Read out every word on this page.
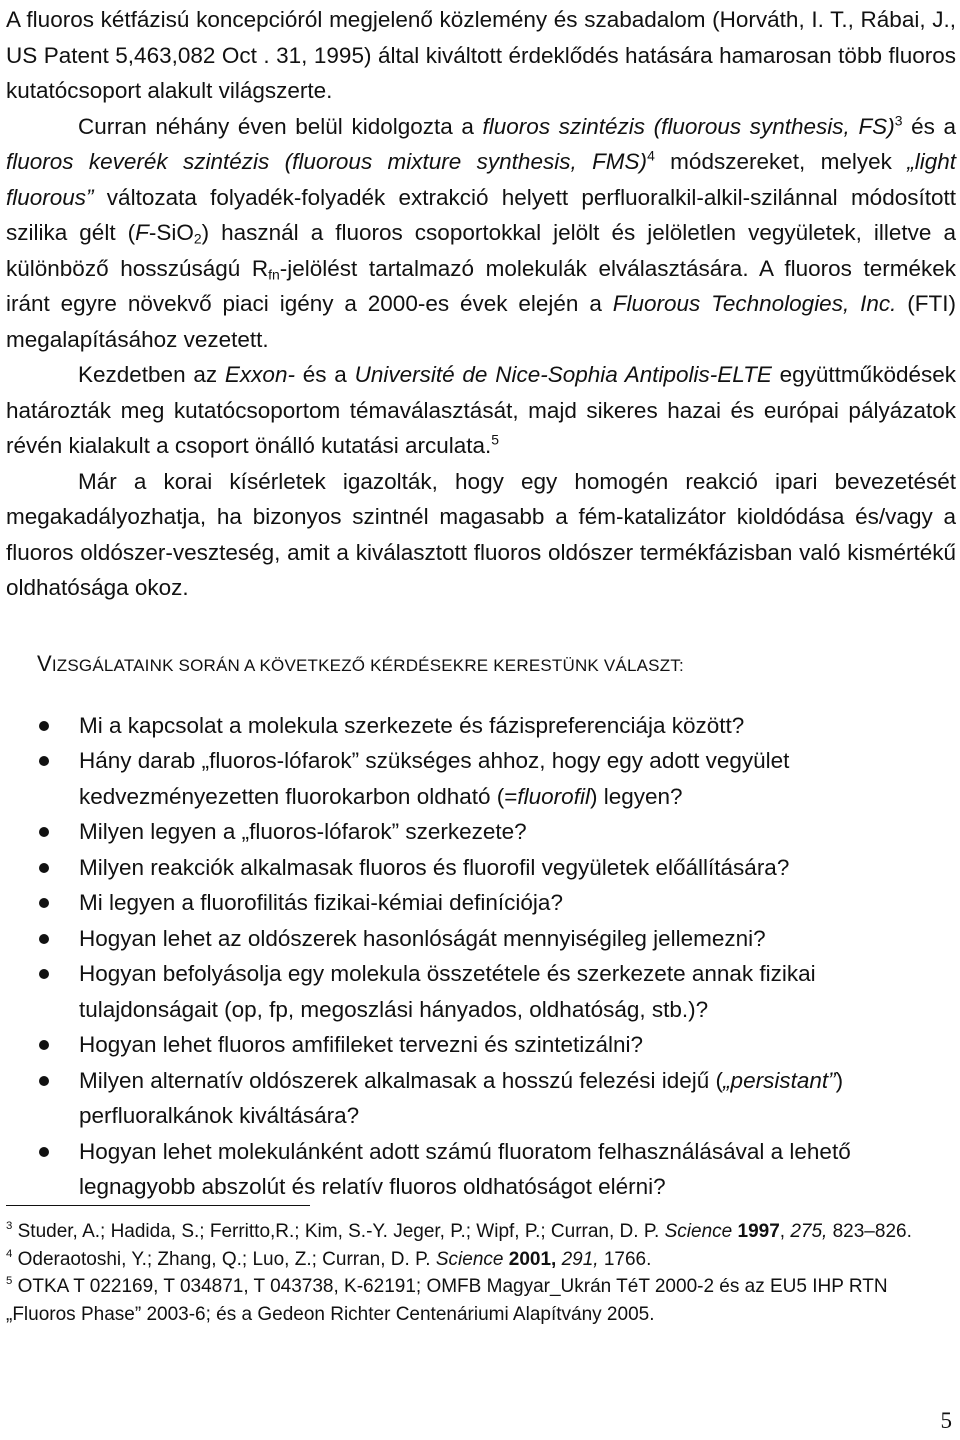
A fluoros kétfázisú koncepcióról megjelenő közlemény és szabadalom (Horváth, I. T., Rábai, J., US Patent 5,463,082 Oct . 31, 1995) által kiváltott érdeklődés hatására hamarosan több fluoros kutatócsoport alakult világszerte.

Curran néhány éven belül kidolgozta a fluoros szintézis (fluorous synthesis, FS)$^3$ és a fluoros keverék szintézis (fluorous mixture synthesis, FMS)$^4$ módszereket, melyek „light fluorous” változata folyadék-folyadék extrakció helyett perfluoralkil-alkil-szilánnal módosított szilika gélt (F-SiO$_2$) használ a fluoros csoportokkal jelölt és jelöletlen vegyületek, illetve a különböző hosszúságú $R_{fn}$-jelölést tartalmazó molekulák elválasztására. A fluoros termékek iránt egyre növekvő piaci igény a 2000-es évek elején a Fluorous Technologies, Inc. (FTI) megalapításához vezetett.

Kezdetben az Exxon- és a Université de Nice-Sophia Antipolis-ELTE együttműködések határozták meg kutatócsoportom témaválasztását, majd sikeres hazai és európai pályázatok révén kialakult a csoport önálló kutatási arculata.$^5$

Már a korai kísérletek igazolták, hogy egy homogén reakció ipari bevezetését megakadályozhatja, ha bizonyos szintnél magasabb a fém-katalizátor kioldódása és/vagy a fluoros oldószer-veszteség, amit a kiválasztott fluoros oldószer termékfázisban való kismértékű oldhatósága okoz.

VIZSGÁLATAINK SORÁN A KÖVETKEZŐ KÉRDÉSEKRE KERESTÜNK VÁLASZT:
Mi a kapcsolat a molekula szerkezete és fázispreferenciája között?
Hány darab „fluoros-lófarok” szükséges ahhoz, hogy egy adott vegyület kedvezményezetten fluorokarbon oldható (=fluorofil) legyen?
Milyen legyen a „fluoros-lófarok” szerkezete?
Milyen reakciók alkalmasak fluoros és fluorofil vegyületek előállítására?
Mi legyen a fluorofilitás fizikai-kémiai definíciója?
Hogyan lehet az oldószerek hasonlóságát mennyiségileg jellemezni?
Hogyan befolyásolja egy molekula összetétele és szerkezete annak fizikai tulajdonságait (op, fp, megoszlási hányados, oldhatóság, stb.)?
Hogyan lehet fluoros amfifileket tervezni és szintetizálni?
Milyen alternatív oldószerek alkalmasak a hosszú felezési idejű („persistant”) perfluoralkánok kiváltására?
Hogyan lehet molekulánként adott számú fluoratom felhasználásával a lehető legnagyobb abszolút és relatív fluoros oldhatóságot elérni?

$^3$ Studer, A.; Hadida, S.; Ferritto,R.; Kim, S.-Y. Jeger, P.; Wipf, P.; Curran, D. P. Science 1997, 275, 823–826.

$^4$ Oderaotoshi, Y.; Zhang, Q.; Luo, Z.; Curran, D. P. Science 2001, 291, 1766.

$^5$ OTKA T 022169, T 034871, T 043738, K-62191; OMFB Magyar_Ukrán TéT 2000-2 és az EU5 IHP RTN „Fluoros Phase” 2003-6; és a Gedeon Richter Centenáriumi Alapítvány 2005.

5
